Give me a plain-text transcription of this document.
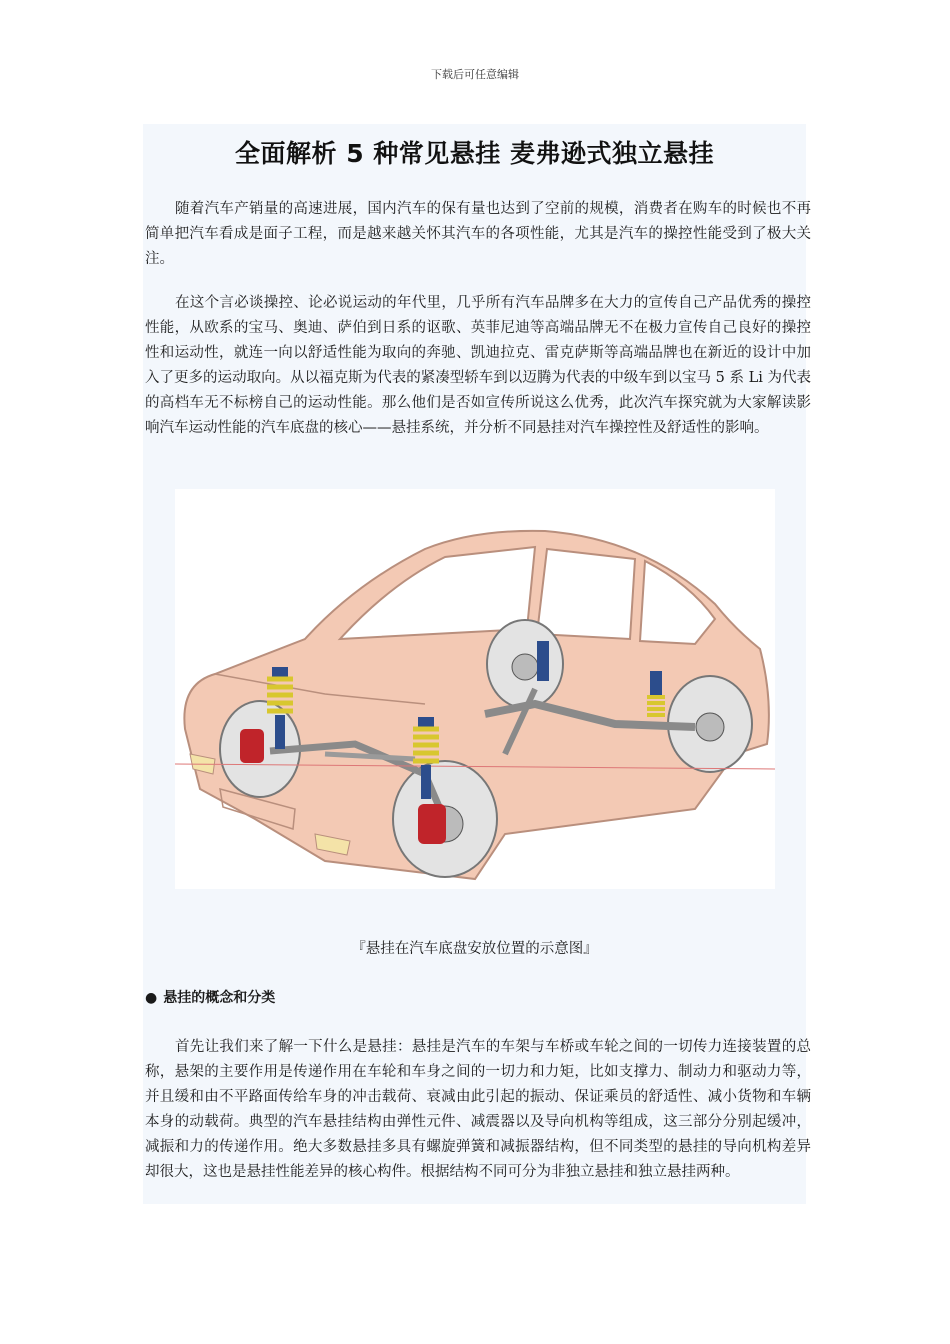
下载后可任意编辑
全面解析 5 种常见悬挂 麦弗逊式独立悬挂

随着汽车产销量的高速进展，国内汽车的保有量也达到了空前的规模，消费者在购车的时候也不再简单把汽车看成是面子工程，而是越来越关怀其汽车的各项性能，尤其是汽车的操控性能受到了极大关注。

在这个言必谈操控、论必说运动的年代里，几乎所有汽车品牌多在大力的宣传自己产品优秀的操控性能，从欧系的宝马、奥迪、萨伯到日系的讴歌、英菲尼迪等高端品牌无不在极力宣传自己良好的操控性和运动性，就连一向以舒适性能为取向的奔驰、凯迪拉克、雷克萨斯等高端品牌也在新近的设计中加入了更多的运动取向。从以福克斯为代表的紧凑型轿车到以迈腾为代表的中级车到以宝马 5 系 Li 为代表的高档车无不标榜自己的运动性能。那么他们是否如宣传所说这么优秀，此次汽车探究就为大家解读影响汽车运动性能的汽车底盘的核心——悬挂系统，并分析不同悬挂对汽车操控性及舒适性的影响。

『悬挂在汽车底盘安放位置的示意图』
● 悬挂的概念和分类

首先让我们来了解一下什么是悬挂：悬挂是汽车的车架与车桥或车轮之间的一切传力连接装置的总称，悬架的主要作用是传递作用在车轮和车身之间的一切力和力矩，比如支撑力、制动力和驱动力等，并且缓和由不平路面传给车身的冲击载荷、衰减由此引起的振动、保证乘员的舒适性、减小货物和车辆本身的动载荷。典型的汽车悬挂结构由弹性元件、减震器以及导向机构等组成，这三部分分别起缓冲，减振和力的传递作用。绝大多数悬挂多具有螺旋弹簧和减振器结构，但不同类型的悬挂的导向机构差异却很大，这也是悬挂性能差异的核心构件。根据结构不同可分为非独立悬挂和独立悬挂两种。
